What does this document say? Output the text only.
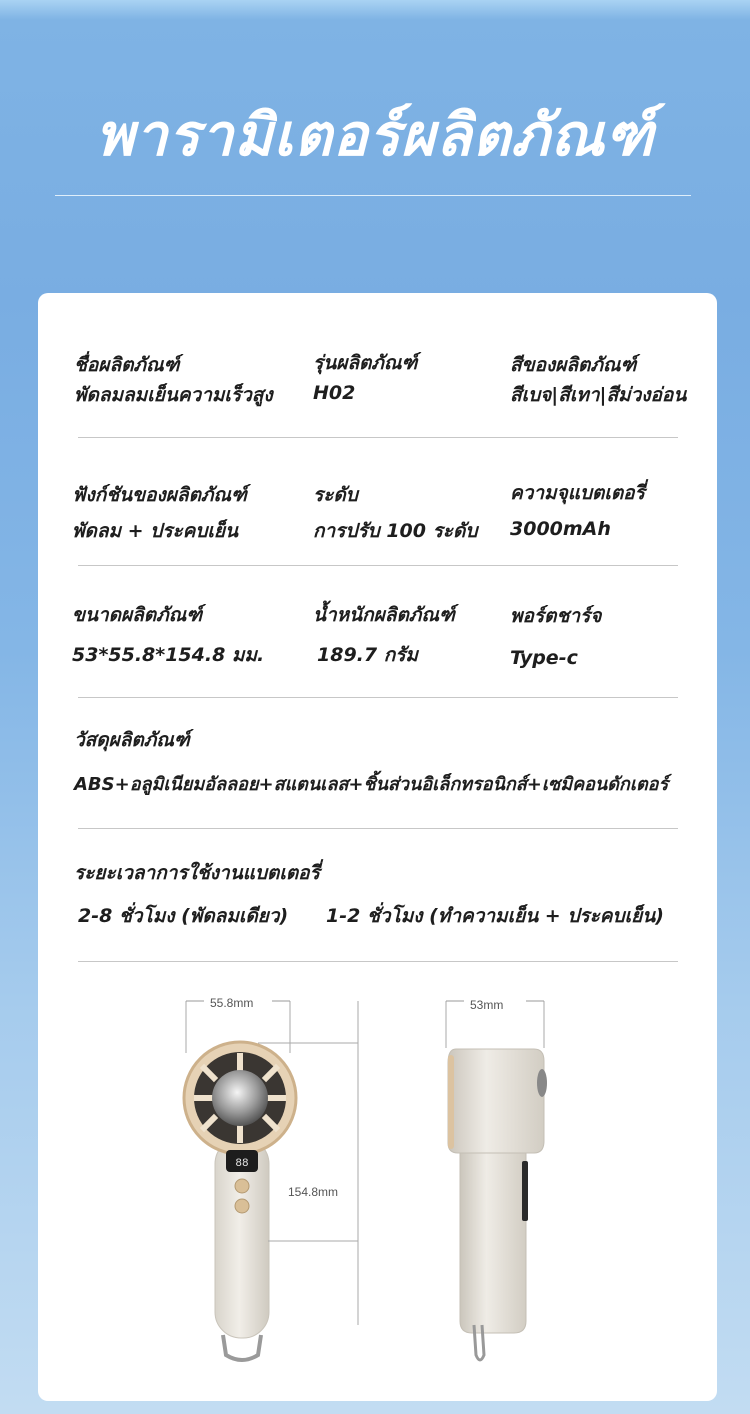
พารามิเตอร์ผลิตภัณฑ์
ชื่อผลิตภัณฑ์
พัดลมลมเย็นความเร็วสูง
รุ่นผลิตภัณฑ์
H02
สีของผลิตภัณฑ์
สีเบจ|สีเทา|สีม่วงอ่อน
ฟังก์ชันของผลิตภัณฑ์
พัดลม + ประคบเย็น
ระดับ
การปรับ 100 ระดับ
ความจุแบตเตอรี่
3000mAh
ขนาดผลิตภัณฑ์
53*55.8*154.8 มม.
น้ำหนักผลิตภัณฑ์
189.7 กรัม
พอร์ตชาร์จ
Type-c
วัสดุผลิตภัณฑ์
ABS+อลูมิเนียมอัลลอย+สแตนเลส+ชิ้นส่วนอิเล็กทรอนิกส์+เซมิคอนดักเตอร์
ระยะเวลาการใช้งานแบตเตอรี่
2-8 ชั่วโมง (พัดลมเดียว) 1-2 ชั่วโมง (ทำความเย็น + ประคบเย็น)
88
55.8mm
154.8mm
53mm
